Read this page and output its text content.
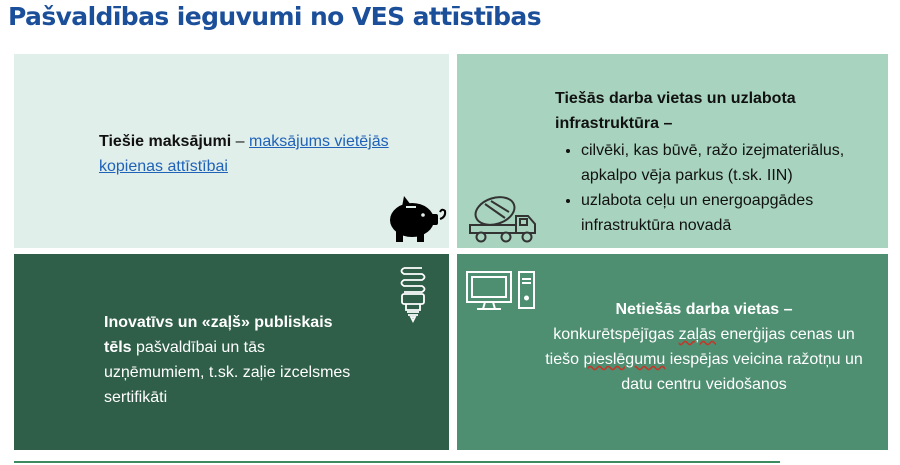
Pašvaldības ieguvumi no VES attīstības
Tiešie maksājumi – maksājums vietējās kopienas attīstībai
Tiešās darba vietas un uzlabota infrastruktūra –
• cilvēki, kas būvē, ražo izejmateriālus, apkalpo vēja parkus (t.sk. IIN)
• uzlabota ceļu un energoapgādes infrastruktūra novadā
Inovatīvs un «zaļš» publiskais tēls pašvaldībai un tās uzņēmumiem, t.sk. zaļie izcelsmes sertifikāti
Netiešās darba vietas –
konkurētspējīgas zaļās enerģijas cenas un tiešo pieslēgumu iespējas veicina ražotņu un datu centru veidošanos
